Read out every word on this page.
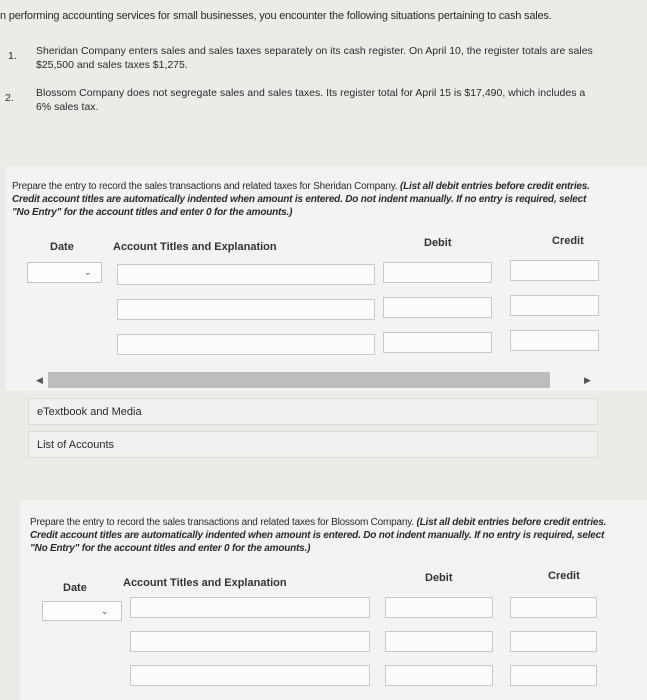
n performing accounting services for small businesses, you encounter the following situations pertaining to cash sales.
1. Sheridan Company enters sales and sales taxes separately on its cash register. On April 10, the register totals are sales $25,500 and sales taxes $1,275.
2. Blossom Company does not segregate sales and sales taxes. Its register total for April 15 is $17,490, which includes a 6% sales tax.
Prepare the entry to record the sales transactions and related taxes for Sheridan Company. (List all debit entries before credit entries. Credit account titles are automatically indented when amount is entered. Do not indent manually. If no entry is required, select "No Entry" for the account titles and enter 0 for the amounts.)
Date	Account Titles and Explanation	Debit	Credit
⌄
◀	▶
eTextbook and Media
List of Accounts
Prepare the entry to record the sales transactions and related taxes for Blossom Company. (List all debit entries before credit entries. Credit account titles are automatically indented when amount is entered. Do not indent manually. If no entry is required, select "No Entry" for the account titles and enter 0 for the amounts.)
Date	Account Titles and Explanation	Debit	Credit
⌄
